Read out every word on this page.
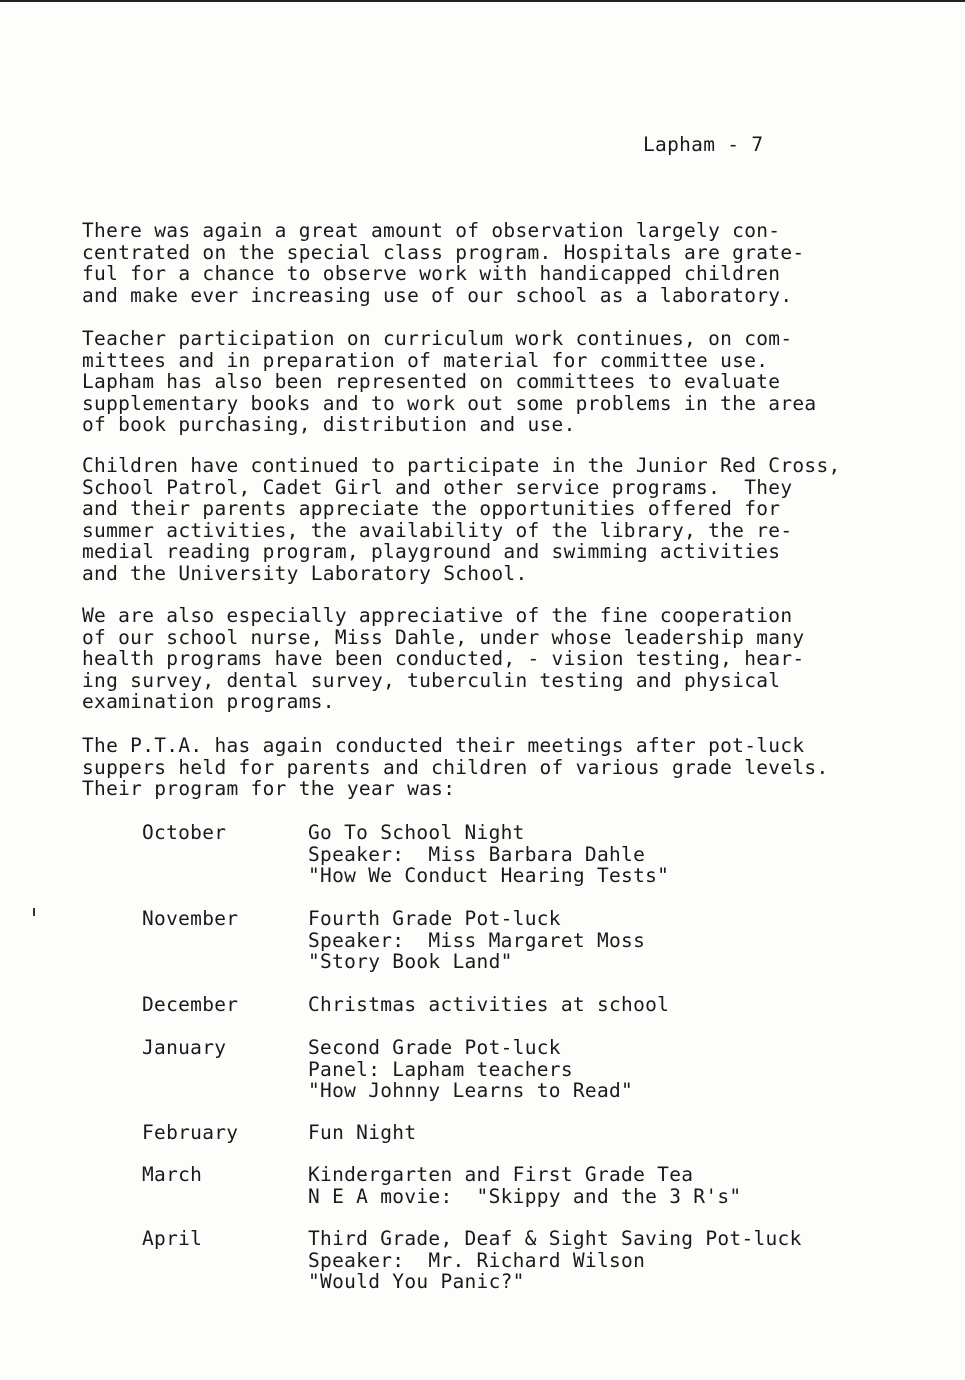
Lapham - 7
There was again a great amount of observation largely con-
centrated on the special class program. Hospitals are grate-
ful for a chance to observe work with handicapped children
and make ever increasing use of our school as a laboratory.
Teacher participation on curriculum work continues, on com-
mittees and in preparation of material for committee use.
Lapham has also been represented on committees to evaluate
supplementary books and to work out some problems in the area
of book purchasing, distribution and use.
Children have continued to participate in the Junior Red Cross,
School Patrol, Cadet Girl and other service programs.  They
and their parents appreciate the opportunities offered for
summer activities, the availability of the library, the re-
medial reading program, playground and swimming activities
and the University Laboratory School.
We are also especially appreciative of the fine cooperation
of our school nurse, Miss Dahle, under whose leadership many
health programs have been conducted, - vision testing, hear-
ing survey, dental survey, tuberculin testing and physical
examination programs.
The P.T.A. has again conducted their meetings after pot-luck
suppers held for parents and children of various grade levels.
Their program for the year was:
October	Go To School Night
Speaker:  Miss Barbara Dahle
"How We Conduct Hearing Tests"
November	Fourth Grade Pot-luck
Speaker:  Miss Margaret Moss
"Story Book Land"
December	Christmas activities at school
January	Second Grade Pot-luck
Panel: Lapham teachers
"How Johnny Learns to Read"
February	Fun Night
March	Kindergarten and First Grade Tea
N E A movie:  "Skippy and the 3 R's"
April	Third Grade, Deaf & Sight Saving Pot-luck
Speaker:  Mr. Richard Wilson
"Would You Panic?"
